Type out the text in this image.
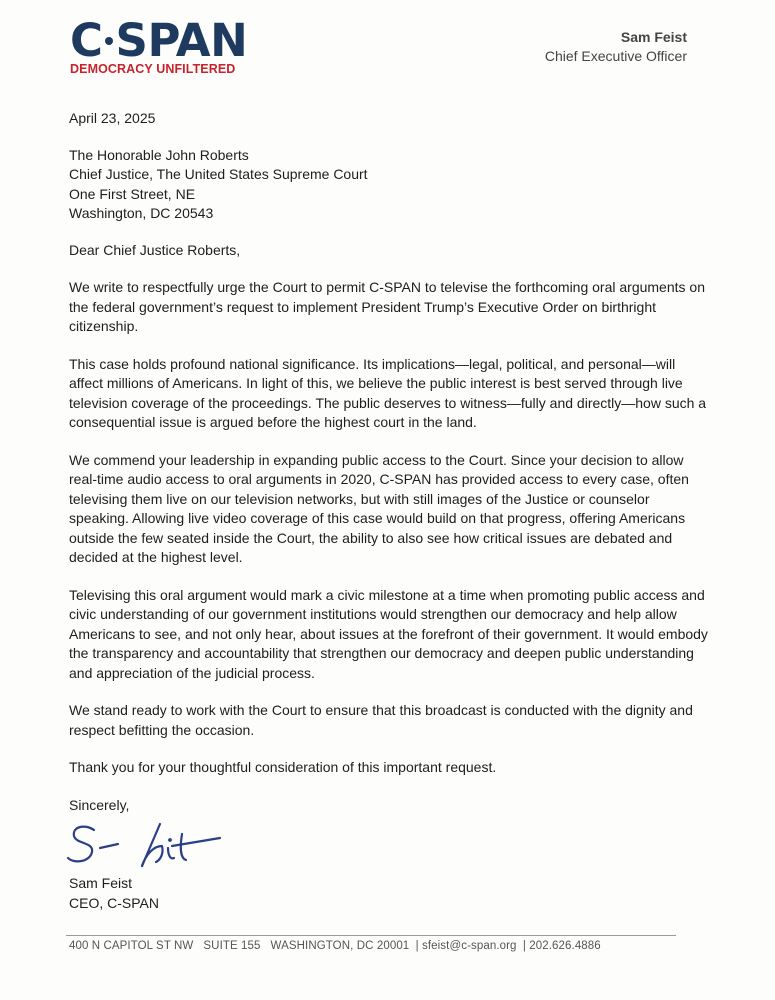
C SPAN
DEMOCRACY UNFILTERED
Sam Feist
Chief Executive Officer

April 23, 2025

The Honorable John Roberts
Chief Justice, The United States Supreme Court
One First Street, NE
Washington, DC 20543

Dear Chief Justice Roberts,

We write to respectfully urge the Court to permit C-SPAN to televise the forthcoming oral arguments on the federal government’s request to implement President Trump’s Executive Order on birthright citizenship.

This case holds profound national significance. Its implications—legal, political, and personal—will affect millions of Americans. In light of this, we believe the public interest is best served through live television coverage of the proceedings. The public deserves to witness—fully and directly—how such a consequential issue is argued before the highest court in the land.

We commend your leadership in expanding public access to the Court. Since your decision to allow real-time audio access to oral arguments in 2020, C-SPAN has provided access to every case, often televising them live on our television networks, but with still images of the Justice or counselor speaking. Allowing live video coverage of this case would build on that progress, offering Americans outside the few seated inside the Court, the ability to also see how critical issues are debated and decided at the highest level.

Televising this oral argument would mark a civic milestone at a time when promoting public access and civic understanding of our government institutions would strengthen our democracy and help allow Americans to see, and not only hear, about issues at the forefront of their government. It would embody the transparency and accountability that strengthen our democracy and deepen public understanding and appreciation of the judicial process.

We stand ready to work with the Court to ensure that this broadcast is conducted with the dignity and respect befitting the occasion.

Thank you for your thoughtful consideration of this important request.

Sincerely,

Sam Feist
CEO, C-SPAN
400 N CAPITOL ST NW SUITE 155 WASHINGTON, DC 20001 | sfeist@c-span.org | 202.626.4886
